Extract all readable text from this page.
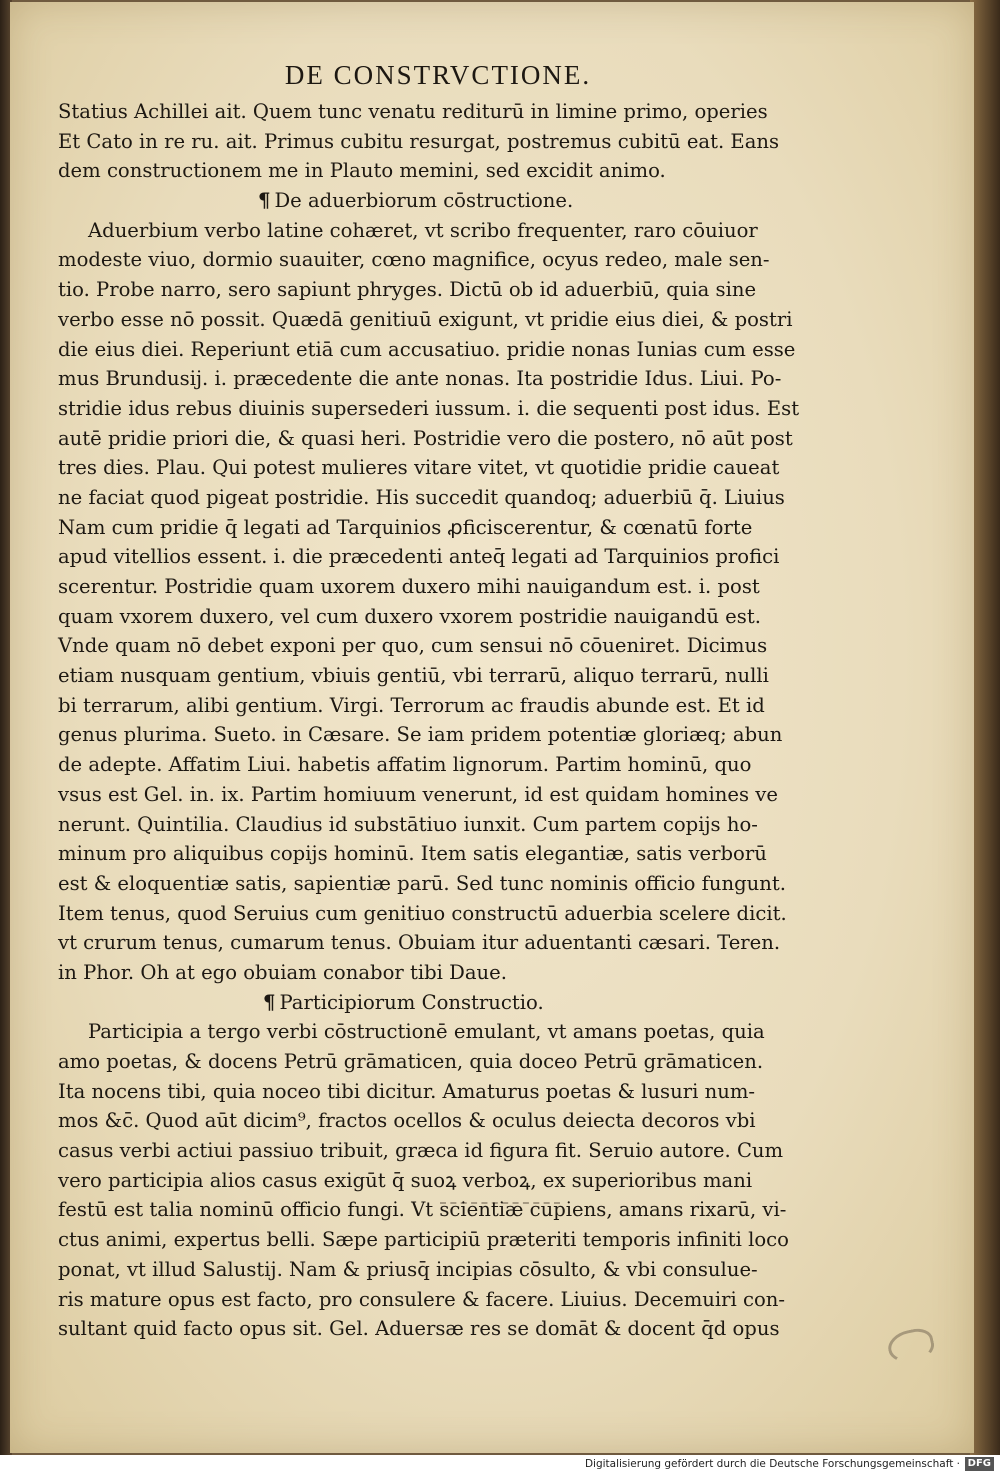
DE CONSTRVCTIONE.
Statius Achillei ait. Quem tunc venatu rediturū in limine primo, operies
Et Cato in re ru. ait. Primus cubitu resurgat, postremus cubitū eat. Eans
dem constructionem me in Plauto memini, sed excidit animo.
¶ De aduerbiorum cōstructione.
Aduerbium verbo latine cohæret, vt scribo frequenter, raro cōuiuor
modeste viuo, dormio suauiter, cœno magnifice, ocyus redeo, male sen-
tio. Probe narro, sero sapiunt phryges. Dictū ob id aduerbiū, quia sine
verbo esse nō possit. Quædā genitiuū exigunt, vt pridie eius diei, & postri
die eius diei. Reperiunt etiā cum accusatiuo. pridie nonas Iunias cum esse
mus Brundusij. i. præcedente die ante nonas. Ita postridie Idus. Liui. Po-
stridie idus rebus diuinis supersederi iussum. i. die sequenti post idus. Est
autē pridie priori die, & quasi heri. Postridie vero die postero, nō aūt post
tres dies. Plau. Qui potest mulieres vitare vitet, vt quotidie pridie caueat
ne faciat quod pigeat postridie. His succedit quandoq; aduerbiū q̄. Liuius
Nam cum pridie q̄ legati ad Tarquinios ꝓficiscerentur, & cœnatū forte
apud vitellios essent. i. die præcedenti anteq̄ legati ad Tarquinios profici
scerentur. Postridie quam uxorem duxero mihi nauigandum est. i. post
quam vxorem duxero, vel cum duxero vxorem postridie nauigandū est.
Vnde quam nō debet exponi per quo, cum sensui nō cōueniret. Dicimus
etiam nusquam gentium, vbiuis gentiū, vbi terrarū, aliquo terrarū, nulli
bi terrarum, alibi gentium. Virgi. Terrorum ac fraudis abunde est. Et id
genus plurima. Sueto. in Cæsare. Se iam pridem potentiæ gloriæq; abun
de adepte. Affatim Liui. habetis affatim lignorum. Partim hominū, quo
vsus est Gel. in. ix. Partim homiuum venerunt, id est quidam homines ve
nerunt. Quintilia. Claudius id substātiuo iunxit. Cum partem copijs ho-
minum pro aliquibus copijs hominū. Item satis elegantiæ, satis verborū
est & eloquentiæ satis, sapientiæ parū. Sed tunc nominis officio fungunt.
Item tenus, quod Seruius cum genitiuo constructū aduerbia scelere dicit.
vt crurum tenus, cumarum tenus. Obuiam itur aduentanti cæsari. Teren.
in Phor. Oh at ego obuiam conabor tibi Daue.
¶ Participiorum Constructio.
Participia a tergo verbi cōstructionē emulant, vt amans poetas, quia
amo poetas, & docens Petrū grāmaticen, quia doceo Petrū grāmaticen.
Ita nocens tibi, quia noceo tibi dicitur. Amaturus poetas & lusuri num-
mos &c̄. Quod aūt dicim⁹, fractos ocellos & oculus deiecta decoros vbi
casus verbi actiui passiuo tribuit, græca id figura fit. Seruio autore. Cum
vero participia alios casus exigūt q̄ suoꝝ verboꝝ, ex superioribus mani
festū est talia nominū officio fungi. Vt scientiæ cupiens, amans rixarū, vi-
ctus animi, expertus belli. Sæpe participiū præteriti temporis infiniti loco
ponat, vt illud Salustij. Nam & priusq̄ incipias cōsulto, & vbi consulue-
ris mature opus est facto, pro consulere & facere. Liuius. Decemuiri con-
sultant quid facto opus sit. Gel. Aduersæ res se domāt & docent q̄d opus
Digitalisierung gefördert durch die Deutsche Forschungsgemeinschaft · DFG
